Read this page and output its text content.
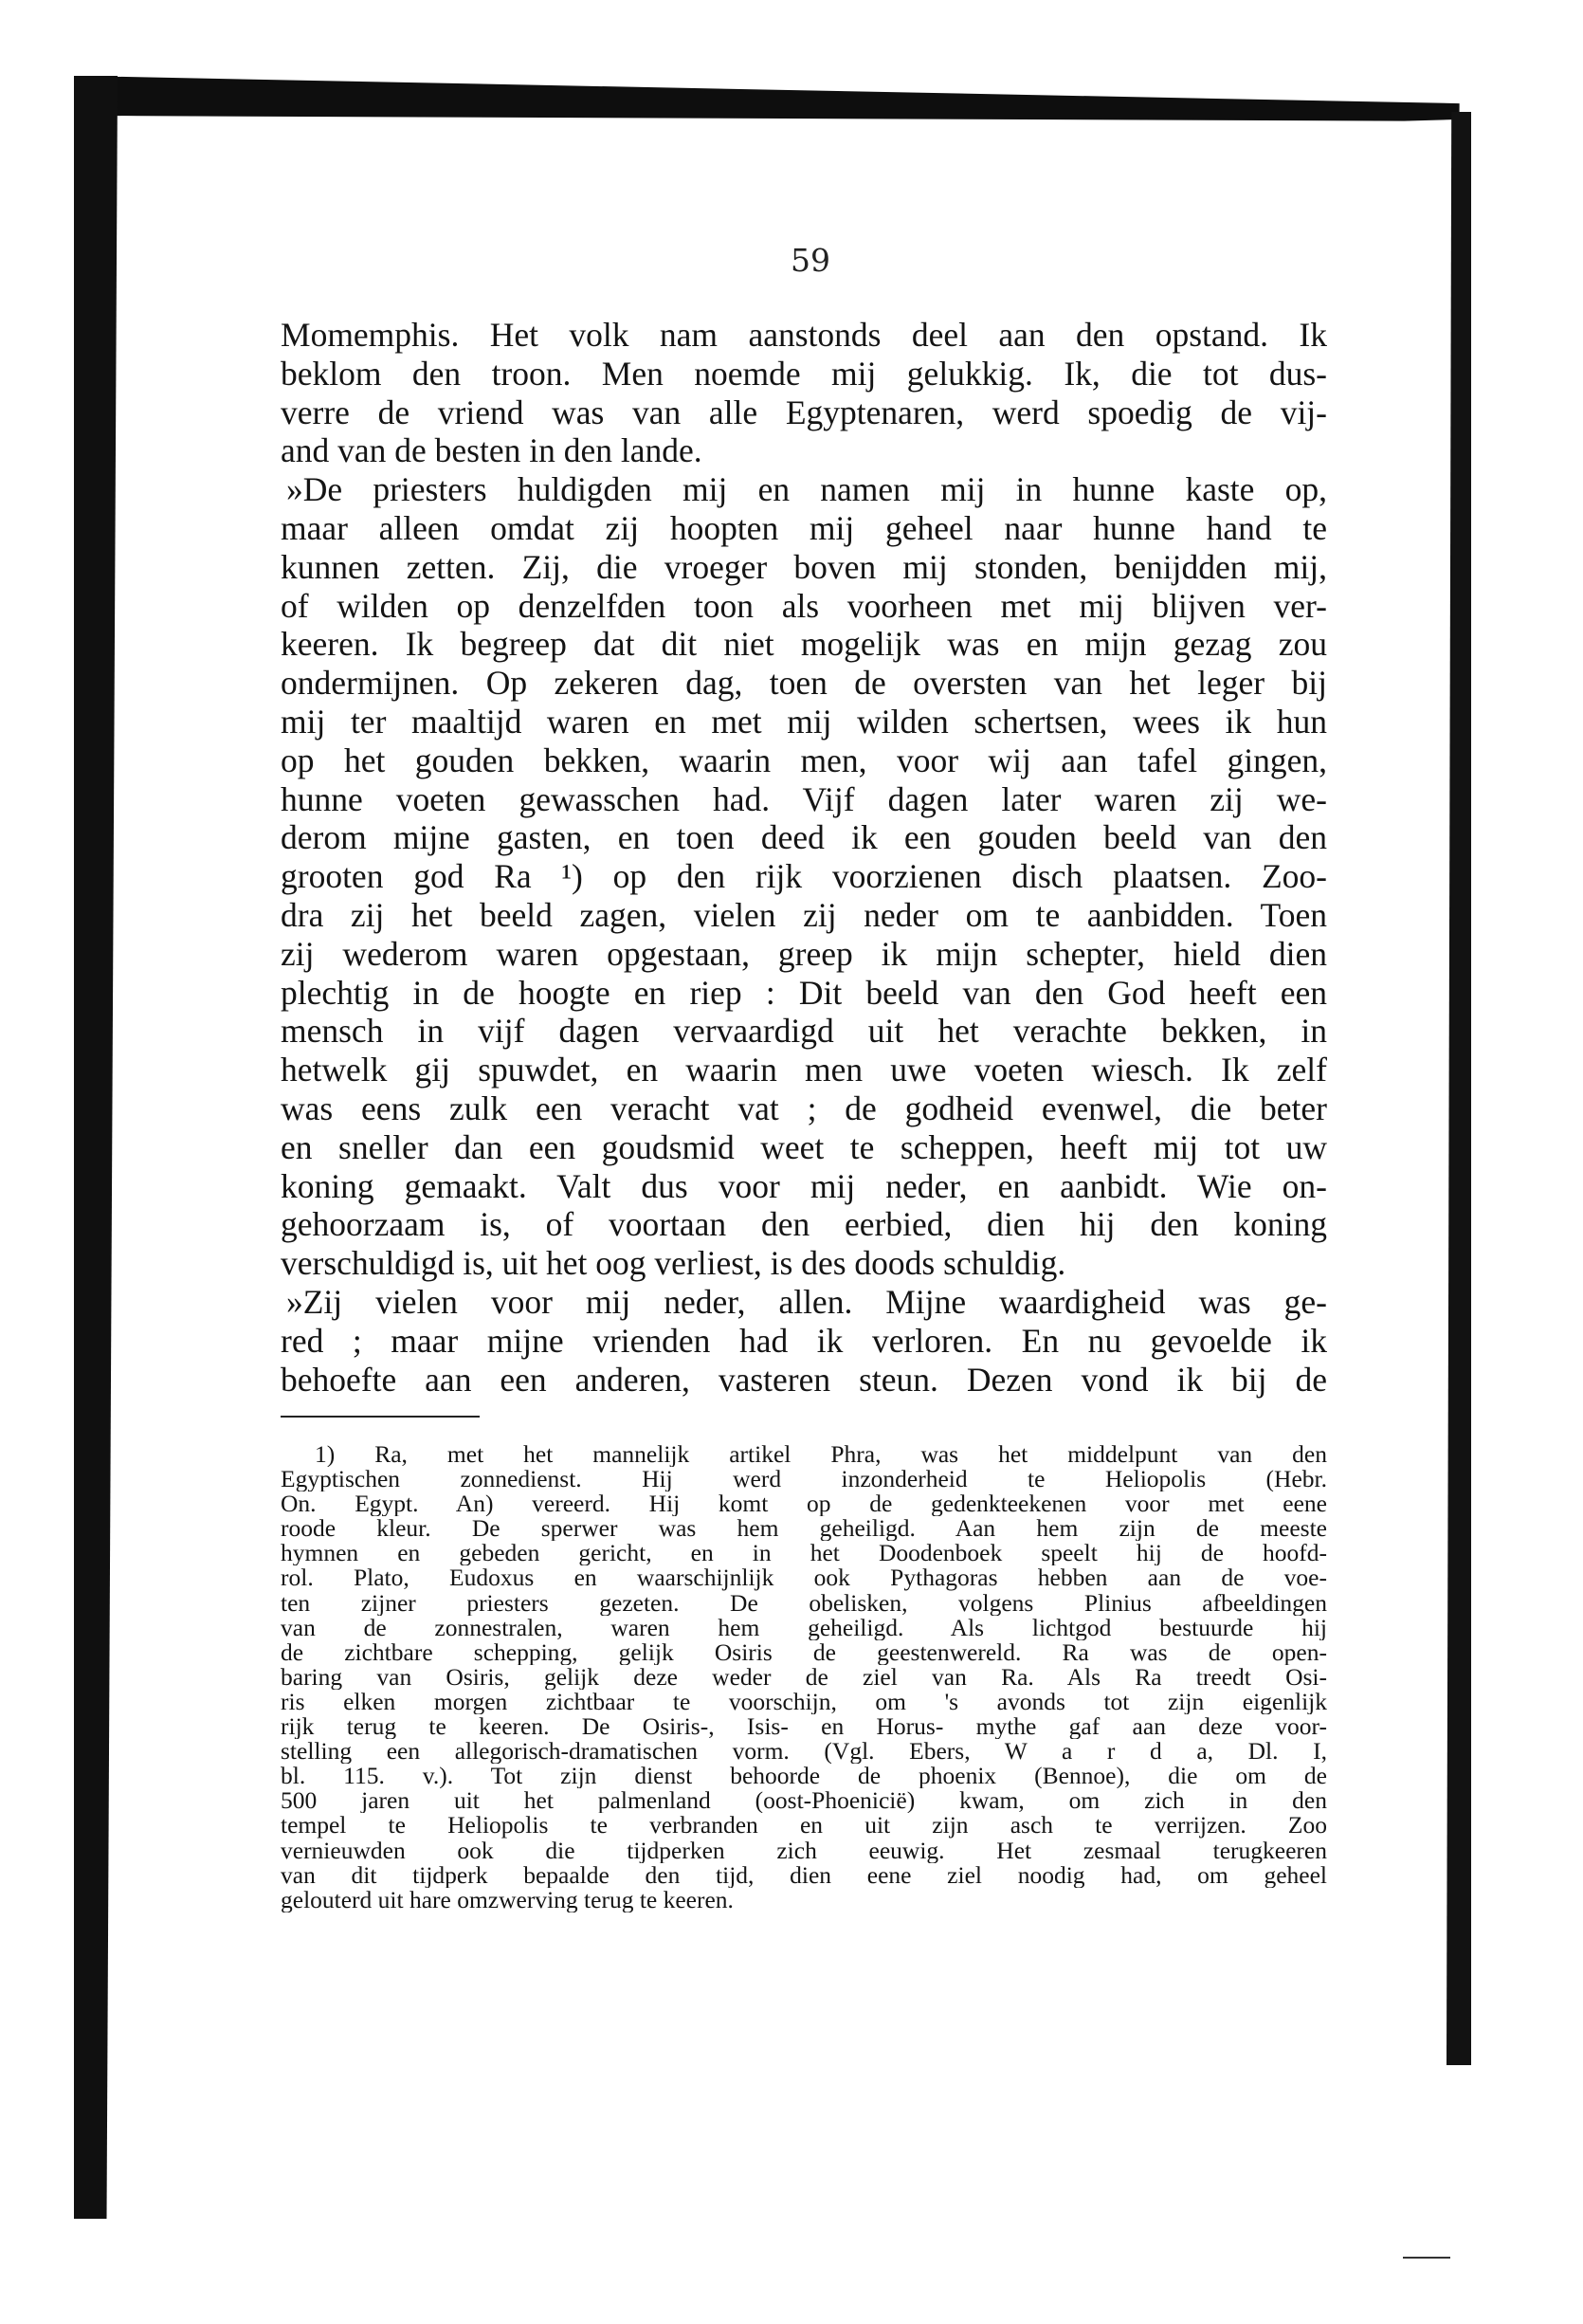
59
Momemphis. Het volk nam aanstonds deel aan den opstand. Ik
beklom den troon. Men noemde mij gelukkig. Ik, die tot dus-
verre de vriend was van alle Egyptenaren, werd spoedig de vij-
and van de besten in den lande.
»De priesters huldigden mij en namen mij in hunne kaste op,
maar alleen omdat zij hoopten mij geheel naar hunne hand te
kunnen zetten. Zij, die vroeger boven mij stonden, benijdden mij,
of wilden op denzelfden toon als voorheen met mij blijven ver-
keeren. Ik begreep dat dit niet mogelijk was en mijn gezag zou
ondermijnen. Op zekeren dag, toen de oversten van het leger bij
mij ter maaltijd waren en met mij wilden schertsen, wees ik hun
op het gouden bekken, waarin men, voor wij aan tafel gingen,
hunne voeten gewasschen had. Vijf dagen later waren zij we-
derom mijne gasten, en toen deed ik een gouden beeld van den
grooten god Ra ¹) op den rijk voorzienen disch plaatsen. Zoo-
dra zij het beeld zagen, vielen zij neder om te aanbidden. Toen
zij wederom waren opgestaan, greep ik mijn schepter, hield dien
plechtig in de hoogte en riep : Dit beeld van den God heeft een
mensch in vijf dagen vervaardigd uit het verachte bekken, in
hetwelk gij spuwdet, en waarin men uwe voeten wiesch. Ik zelf
was eens zulk een veracht vat ; de godheid evenwel, die beter
en sneller dan een goudsmid weet te scheppen, heeft mij tot uw
koning gemaakt. Valt dus voor mij neder, en aanbidt. Wie on-
gehoorzaam is, of voortaan den eerbied, dien hij den koning
verschuldigd is, uit het oog verliest, is des doods schuldig.
»Zij vielen voor mij neder, allen. Mijne waardigheid was ge-
red ; maar mijne vrienden had ik verloren. En nu gevoelde ik
behoefte aan een anderen, vasteren steun. Dezen vond ik bij de
1) Ra, met het mannelijk artikel Phra, was het middelpunt van den
Egyptischen zonnedienst. Hij werd inzonderheid te Heliopolis (Hebr.
On. Egypt. An) vereerd. Hij komt op de gedenkteekenen voor met eene
roode kleur. De sperwer was hem geheiligd. Aan hem zijn de meeste
hymnen en gebeden gericht, en in het Doodenboek speelt hij de hoofd-
rol. Plato, Eudoxus en waarschijnlijk ook Pythagoras hebben aan de voe-
ten zijner priesters gezeten. De obelisken, volgens Plinius afbeeldingen
van de zonnestralen, waren hem geheiligd. Als lichtgod bestuurde hij
de zichtbare schepping, gelijk Osiris de geestenwereld. Ra was de open-
baring van Osiris, gelijk deze weder de ziel van Ra. Als Ra treedt Osi-
ris elken morgen zichtbaar te voorschijn, om 's avonds tot zijn eigenlijk
rijk terug te keeren. De Osiris-, Isis- en Horus- mythe gaf aan deze voor-
stelling een allegorisch-dramatischen vorm. (Vgl. Ebers, W a r d a, Dl. I,
bl. 115. v.). Tot zijn dienst behoorde de phoenix (Bennoe), die om de
500 jaren uit het palmenland (oost-Phoenicië) kwam, om zich in den
tempel te Heliopolis te verbranden en uit zijn asch te verrijzen. Zoo
vernieuwden ook die tijdperken zich eeuwig. Het zesmaal terugkeeren
van dit tijdperk bepaalde den tijd, dien eene ziel noodig had, om geheel
gelouterd uit hare omzwerving terug te keeren.
